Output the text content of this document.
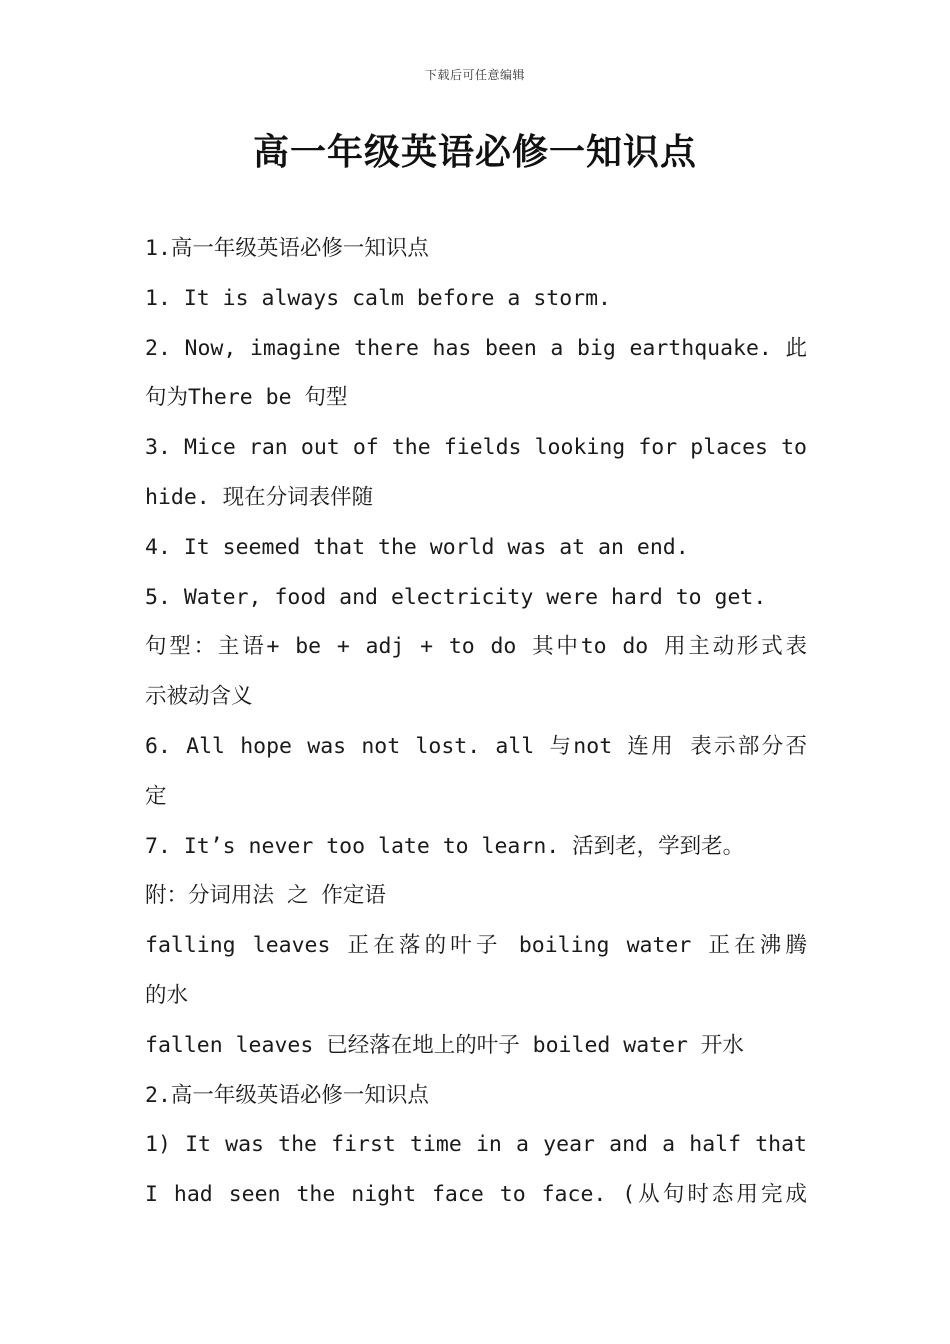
下载后可任意编辑
高一年级英语必修一知识点
1.高一年级英语必修一知识点
1. It is always calm before a storm.
2. Now, imagine there has been a big earthquake. 此
句为There be 句型
3. Mice ran out of the fields looking for places to
hide. 现在分词表伴随
4. It seemed that the world was at an end.
5. Water, food and electricity were hard to get.
句型：主语+ be + adj + to do 其中to do 用主动形式表
示被动含义
6. All hope was not lost. all 与not 连用 表示部分否
定
7. It’s never too late to learn. 活到老，学到老。
附：分词用法 之 作定语
falling leaves 正在落的叶子 boiling water 正在沸腾
的水
fallen leaves 已经落在地上的叶子 boiled water 开水
2.高一年级英语必修一知识点
1) It was the first time in a year and a half that
I had seen the night face to face. (从句时态用完成
